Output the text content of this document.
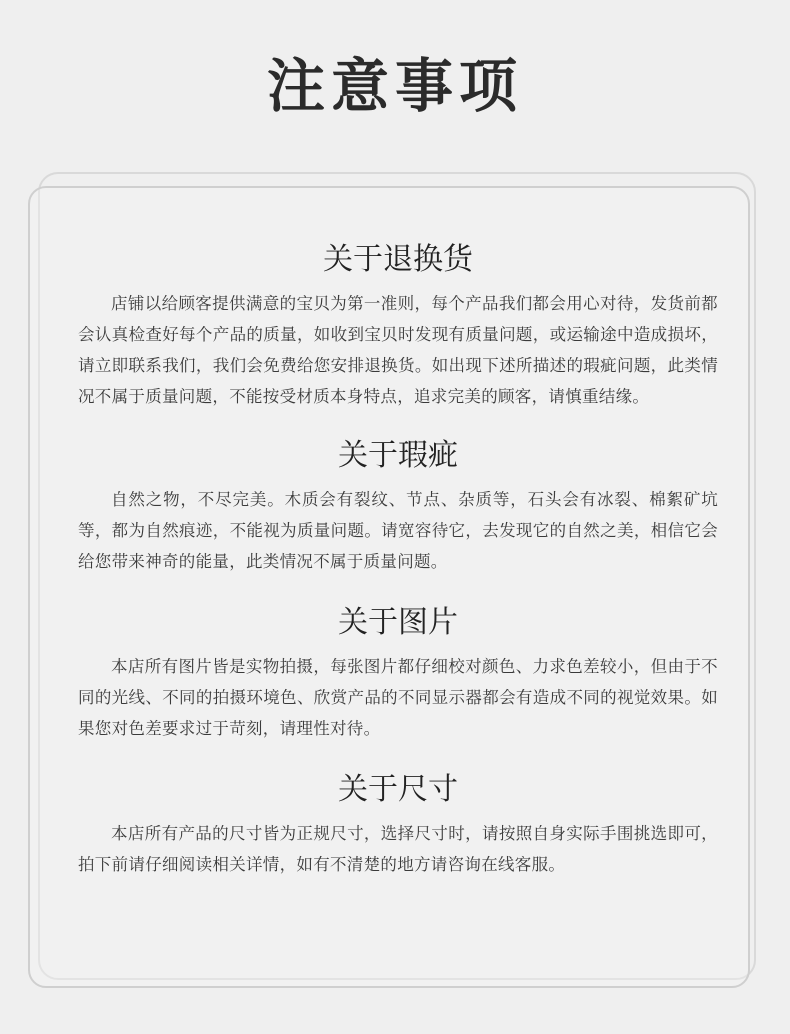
注意事项
关于退换货

店铺以给顾客提供满意的宝贝为第一准则，每个产品我们都会用心对待，发货前都会认真检查好每个产品的质量，如收到宝贝时发现有质量问题，或运输途中造成损坏，请立即联系我们，我们会免费给您安排退换货。如出现下述所描述的瑕疵问题，此类情况不属于质量问题，不能按受材质本身特点，追求完美的顾客，请慎重结缘。

关于瑕疵

自然之物，不尽完美。木质会有裂纹、节点、杂质等，石头会有冰裂、棉絮矿坑等，都为自然痕迹，不能视为质量问题。请宽容待它，去发现它的自然之美，相信它会给您带来神奇的能量，此类情况不属于质量问题。

关于图片

本店所有图片皆是实物拍摄，每张图片都仔细校对颜色、力求色差较小，但由于不同的光线、不同的拍摄环境色、欣赏产品的不同显示器都会有造成不同的视觉效果。如果您对色差要求过于苛刻，请理性对待。

关于尺寸

本店所有产品的尺寸皆为正规尺寸，选择尺寸时，请按照自身实际手围挑选即可，拍下前请仔细阅读相关详情，如有不清楚的地方请咨询在线客服。
